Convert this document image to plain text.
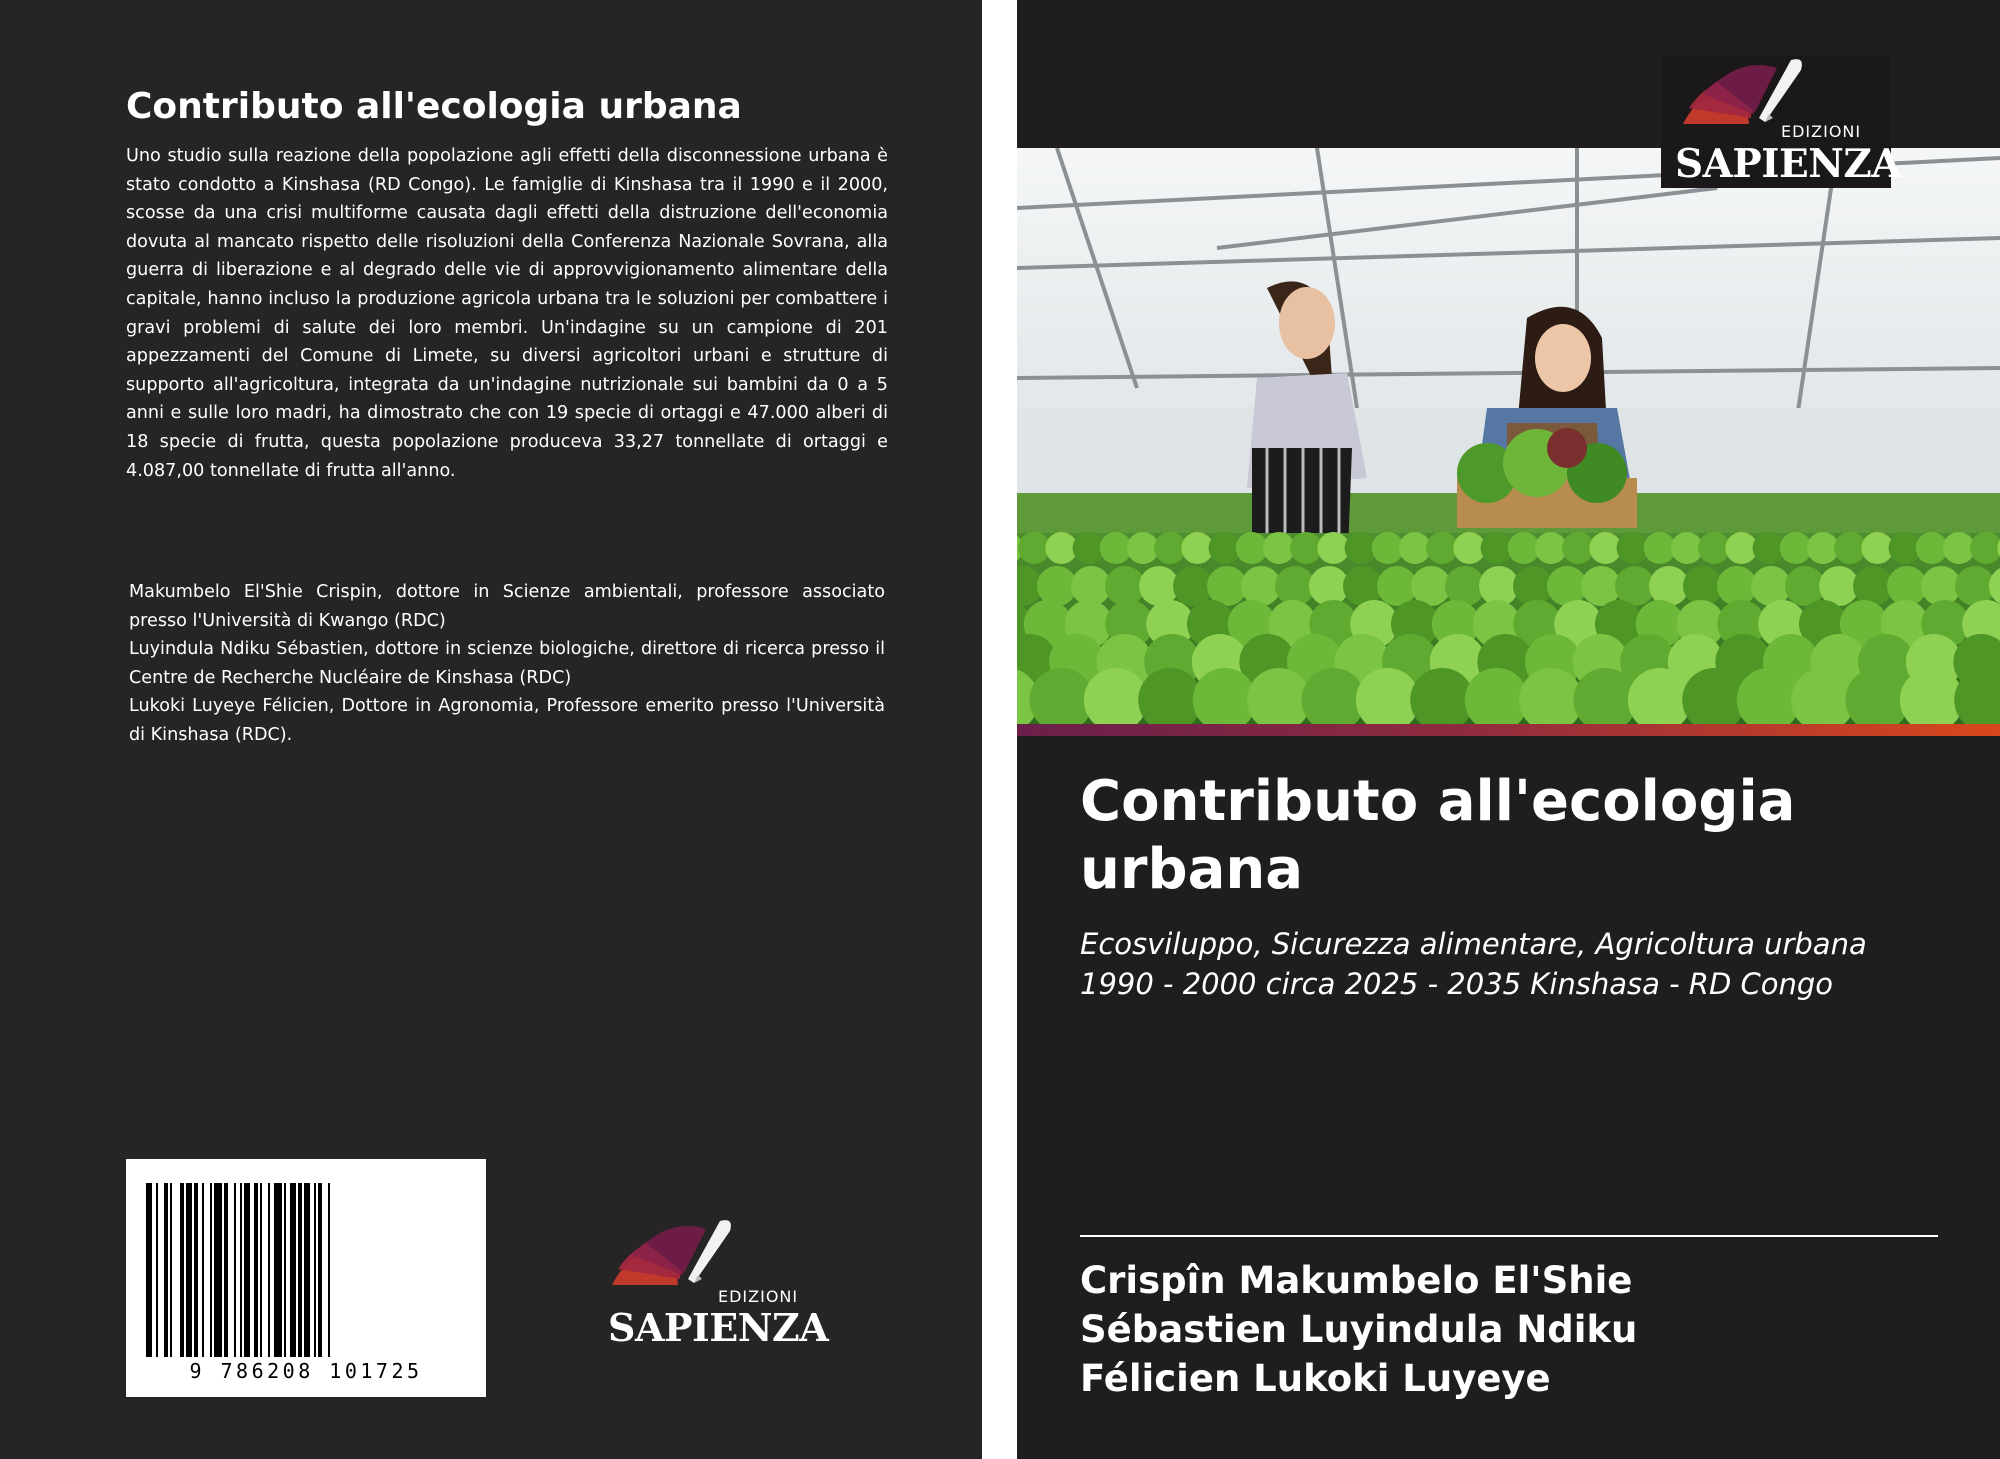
Contributo all'ecologia urbana

Uno studio sulla reazione della popolazione agli effetti della disconnessione urbana è stato condotto a Kinshasa (RD Congo). Le famiglie di Kinshasa tra il 1990 e il 2000, scosse da una crisi multiforme causata dagli effetti della distruzione dell'economia dovuta al mancato rispetto delle risoluzioni della Conferenza Nazionale Sovrana, alla guerra di liberazione e al degrado delle vie di approvvigionamento alimentare della capitale, hanno incluso la produzione agricola urbana tra le soluzioni per combattere i gravi problemi di salute dei loro membri. Un'indagine su un campione di 201 appezzamenti del Comune di Limete, su diversi agricoltori urbani e strutture di supporto all'agricoltura, integrata da un'indagine nutrizionale sui bambini da 0 a 5 anni e sulle loro madri, ha dimostrato che con 19 specie di ortaggi e 47.000 alberi di 18 specie di frutta, questa popolazione produceva 33,27 tonnellate di ortaggi e 4.087,00 tonnellate di frutta all'anno.

Makumbelo El'Shie Crispin, dottore in Scienze ambientali, professore associato presso l'Università di Kwango (RDC)

Luyindula Ndiku Sébastien, dottore in scienze biologiche, direttore di ricerca presso il Centre de Recherche Nucléaire de Kinshasa (RDC)

Lukoki Luyeye Félicien, Dottore in Agronomia, Professore emerito presso l'Università di Kinshasa (RDC).

9 786208 101725
EDIZIONI
SAPIENZA
EDIZIONI
SAPIENZA
Contributo all'ecologia urbana

Ecosviluppo, Sicurezza alimentare, Agricoltura urbana 1990 - 2000 circa 2025 - 2035 Kinshasa - RD Congo

Crispîn Makumbelo El'Shie
Sébastien Luyindula Ndiku
Félicien Lukoki Luyeye
